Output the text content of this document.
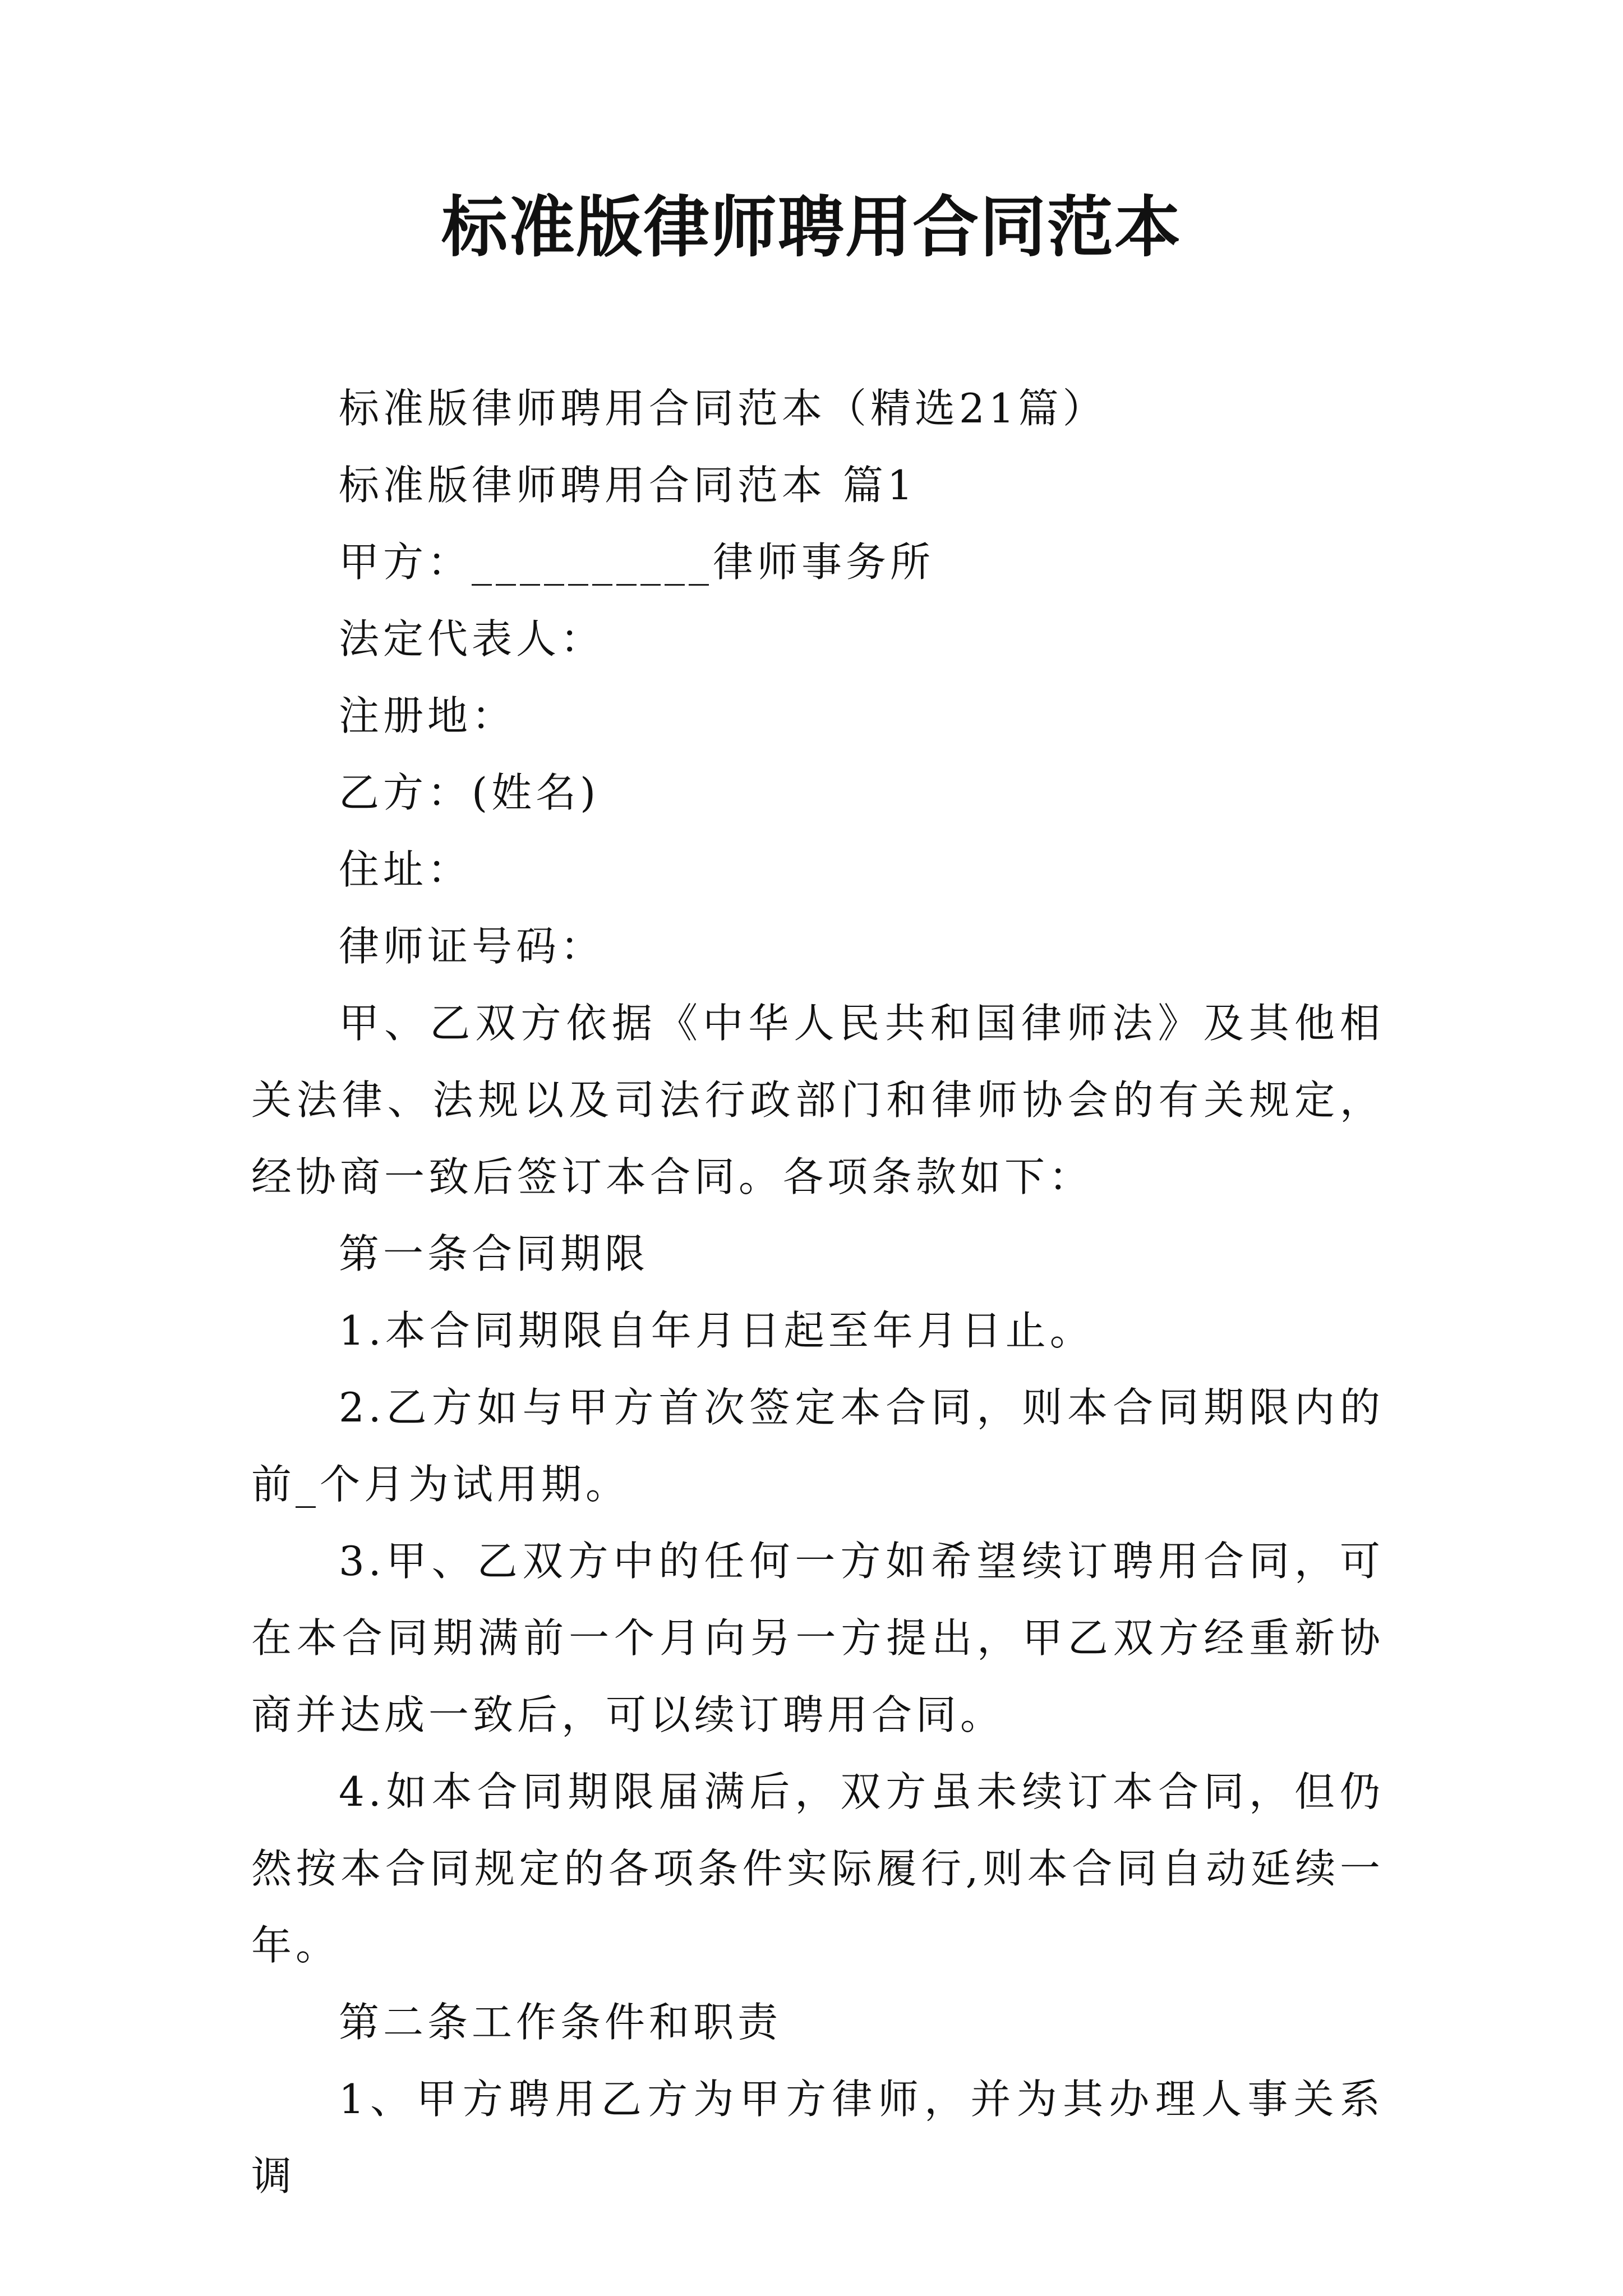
标准版律师聘用合同范本

标准版律师聘用合同范本（精选21篇）

标准版律师聘用合同范本 篇1

甲方：__________律师事务所

法定代表人：

注册地：

乙方：(姓名)

住址：

律师证号码：

甲、乙双方依据《中华人民共和国律师法》及其他相关法律、法规以及司法行政部门和律师协会的有关规定，经协商一致后签订本合同。各项条款如下：

第一条合同期限

1.本合同期限自年月日起至年月日止。

2.乙方如与甲方首次签定本合同，则本合同期限内的前_个月为试用期。

3.甲、乙双方中的任何一方如希望续订聘用合同，可在本合同期满前一个月向另一方提出，甲乙双方经重新协商并达成一致后，可以续订聘用合同。

4.如本合同期限届满后，双方虽未续订本合同，但仍然按本合同规定的各项条件实际履行,则本合同自动延续一年。

第二条工作条件和职责

1、甲方聘用乙方为甲方律师，并为其办理人事关系调
